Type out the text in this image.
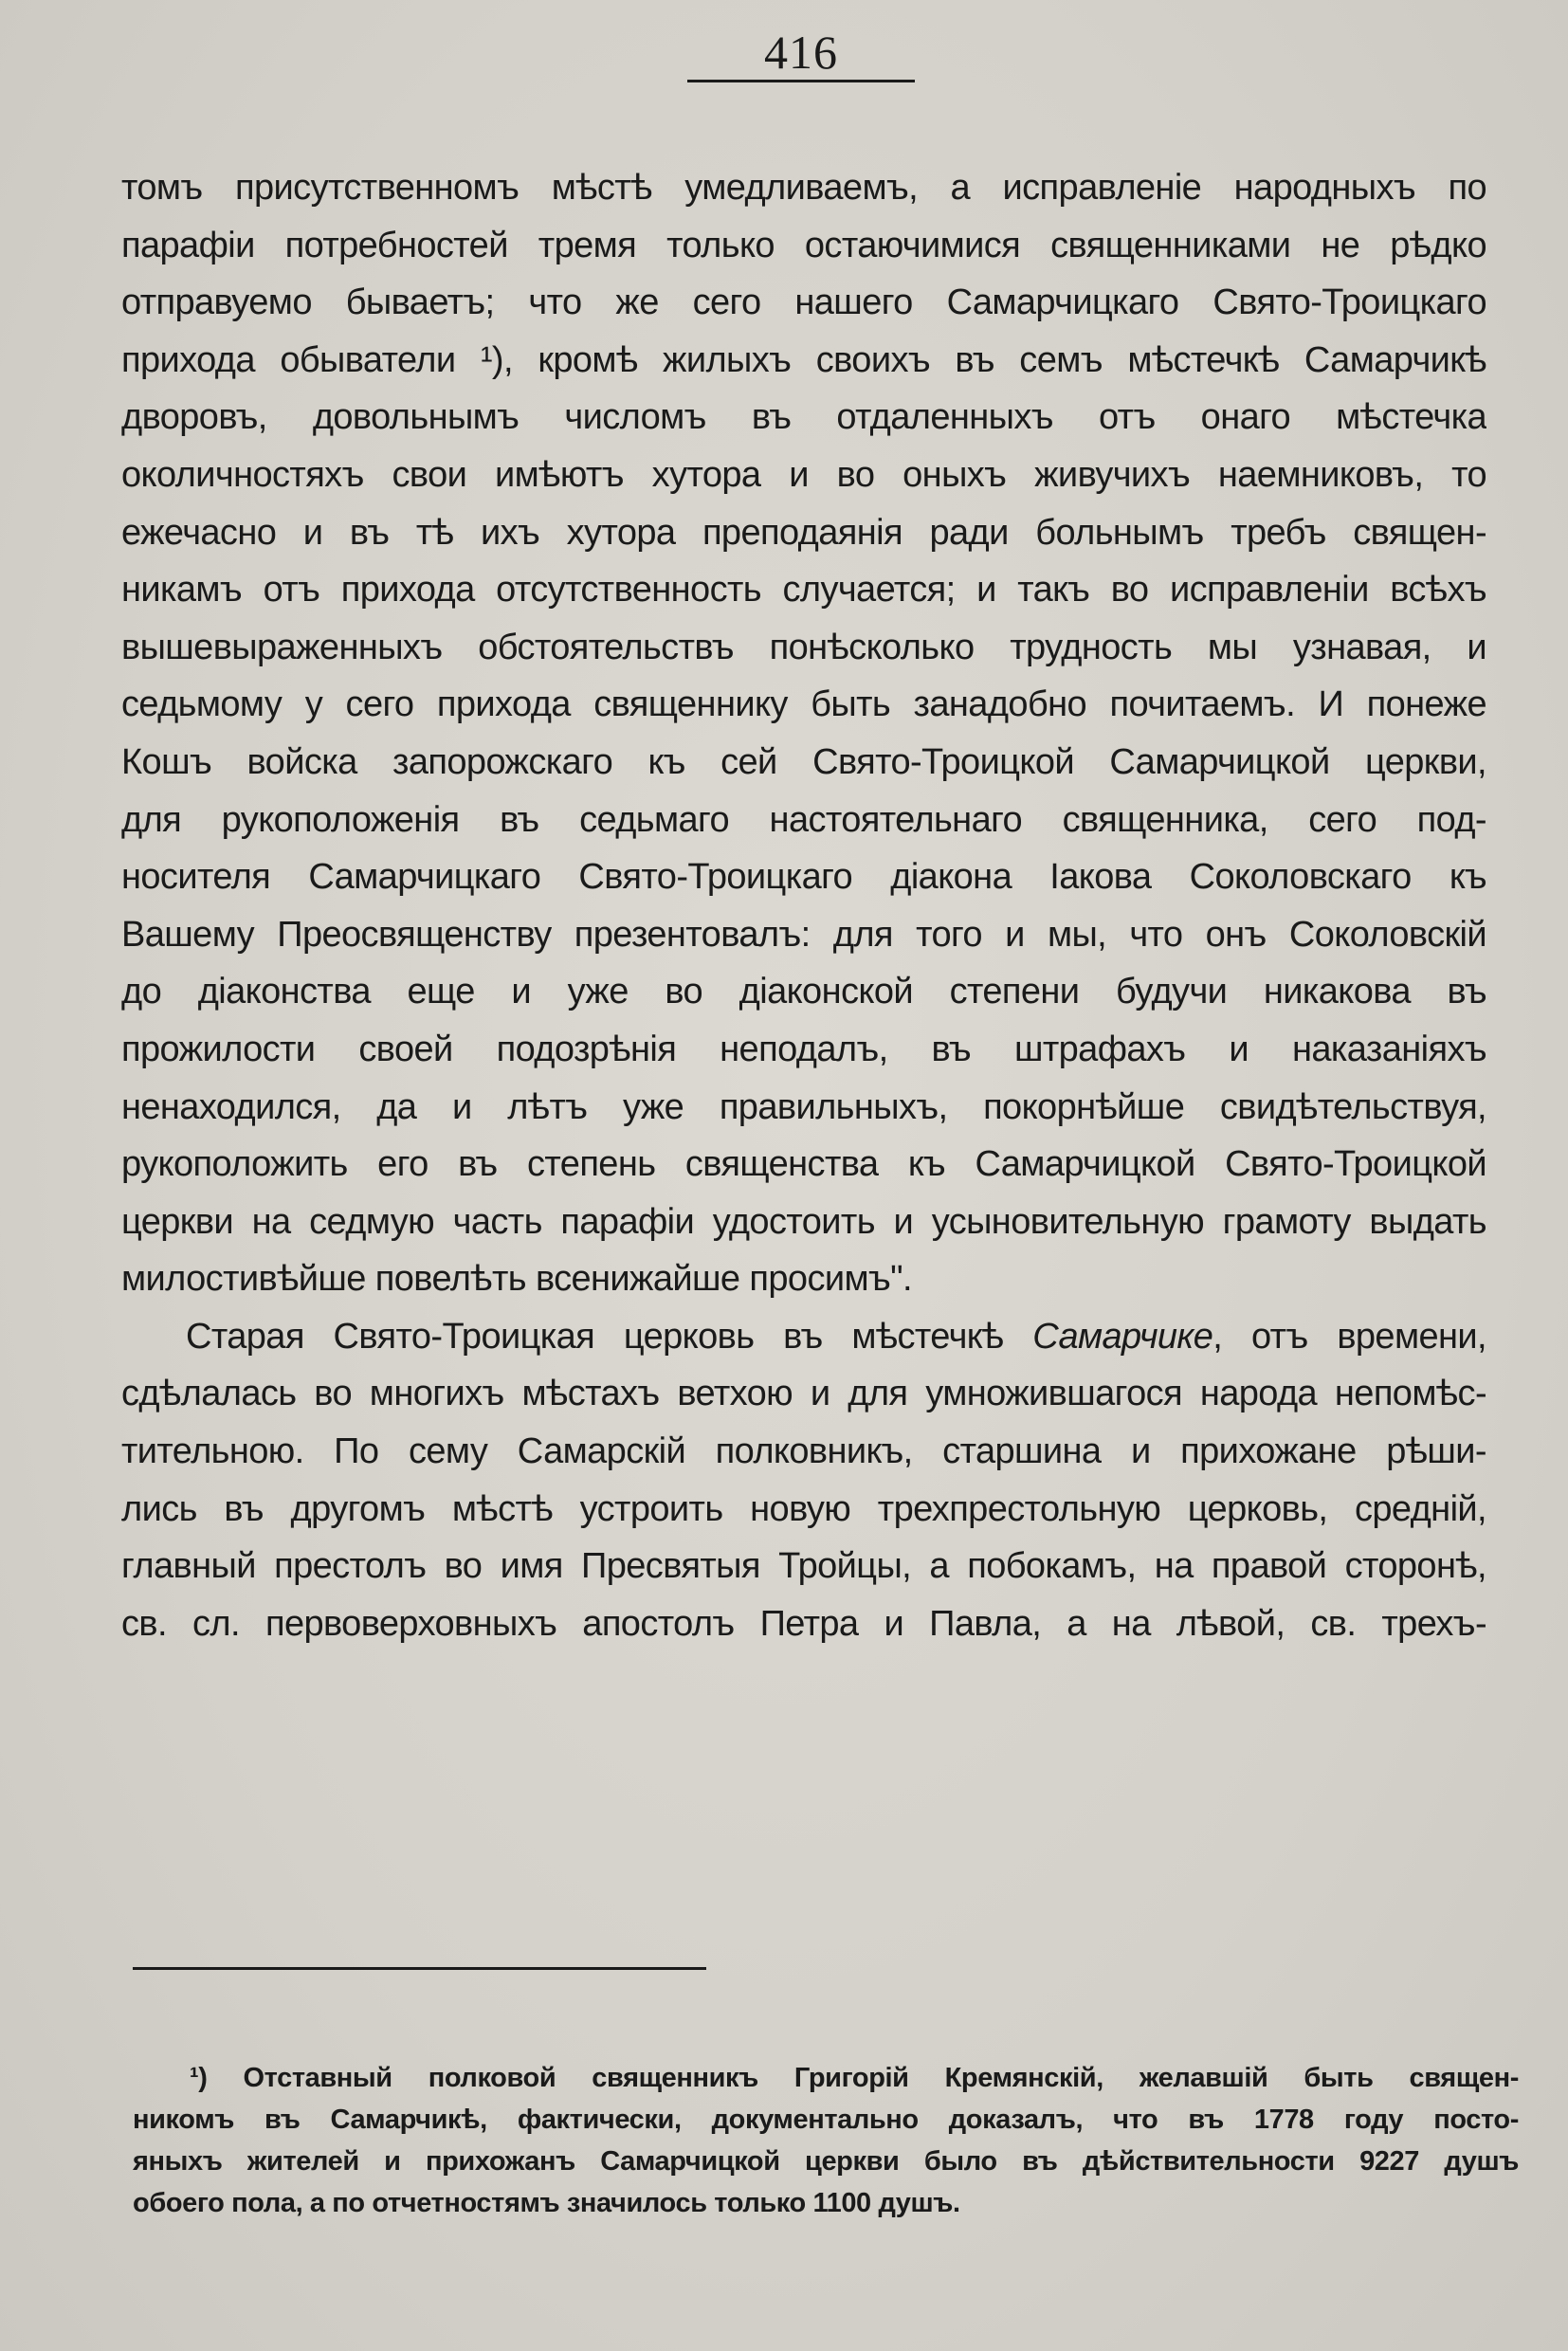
416
томъ присутственномъ мѣстѣ умедливаемъ, а исправленіе народныхъ по
парафіи потребностей тремя только остаючимися священниками не рѣдко
отправуемо бываетъ; что же сего нашего Самарчицкаго Свято-Троицкаго
прихода обыватели ¹), кромѣ жилыхъ своихъ въ семъ мѣстечкѣ Самарчикѣ
дворовъ, довольнымъ числомъ въ отдаленныхъ отъ онаго мѣстечка
околичностяхъ свои имѣютъ хутора и во оныхъ живучихъ наемниковъ, то
ежечасно и въ тѣ ихъ хутора преподаянія ради больнымъ требъ священ-
никамъ отъ прихода отсутственность случается; и такъ во исправленіи всѣхъ
вышевыраженныхъ обстоятельствъ понѣсколько трудность мы узнавая, и
седьмому у сего прихода священнику быть занадобно почитаемъ. И понеже
Кошъ войска запорожскаго къ сей Свято-Троицкой Самарчицкой церкви,
для рукоположенія въ седьмаго настоятельнаго священника, сего под-
носителя Самарчицкаго Свято-Троицкаго діакона Іакова Соколовскаго къ
Вашему Преосвященству презентовалъ: для того и мы, что онъ Соколовскій
до діаконства еще и уже во діаконской степени будучи никакова въ
прожилости своей подозрѣнія неподалъ, въ штрафахъ и наказаніяхъ
ненаходился, да и лѣтъ уже правильныхъ, покорнѣйше свидѣтельствуя,
рукоположить его въ степень священства къ Самарчицкой Свято-Троицкой
церкви на седмую часть парафіи удостоить и усыновительную грамоту выдать
милостивѣйше повелѣть всенижайше просимъ".
Старая Свято-Троицкая церковь въ мѣстечкѣ Самарчике, отъ времени,
сдѣлалась во многихъ мѣстахъ ветхою и для умножившагося народа непомѣс-
тительною. По сему Самарскій полковникъ, старшина и прихожане рѣши-
лись въ другомъ мѣстѣ устроить новую трехпрестольную церковь, средній,
главный престолъ во имя Пресвятыя Тройцы, а побокамъ, на правой сторонѣ,
св. сл. первоверховныхъ апостолъ Петра и Павла, а на лѣвой, св. трехъ-
¹) Отставный полковой священникъ Григорій Кремянскій, желавшій быть священ-
никомъ въ Самарчикѣ, фактически, документально доказалъ, что въ 1778 году посто-
яныхъ жителей и прихожанъ Самарчицкой церкви было въ дѣйствительности 9227 душъ
обоего пола, а по отчетностямъ значилось только 1100 душъ.
